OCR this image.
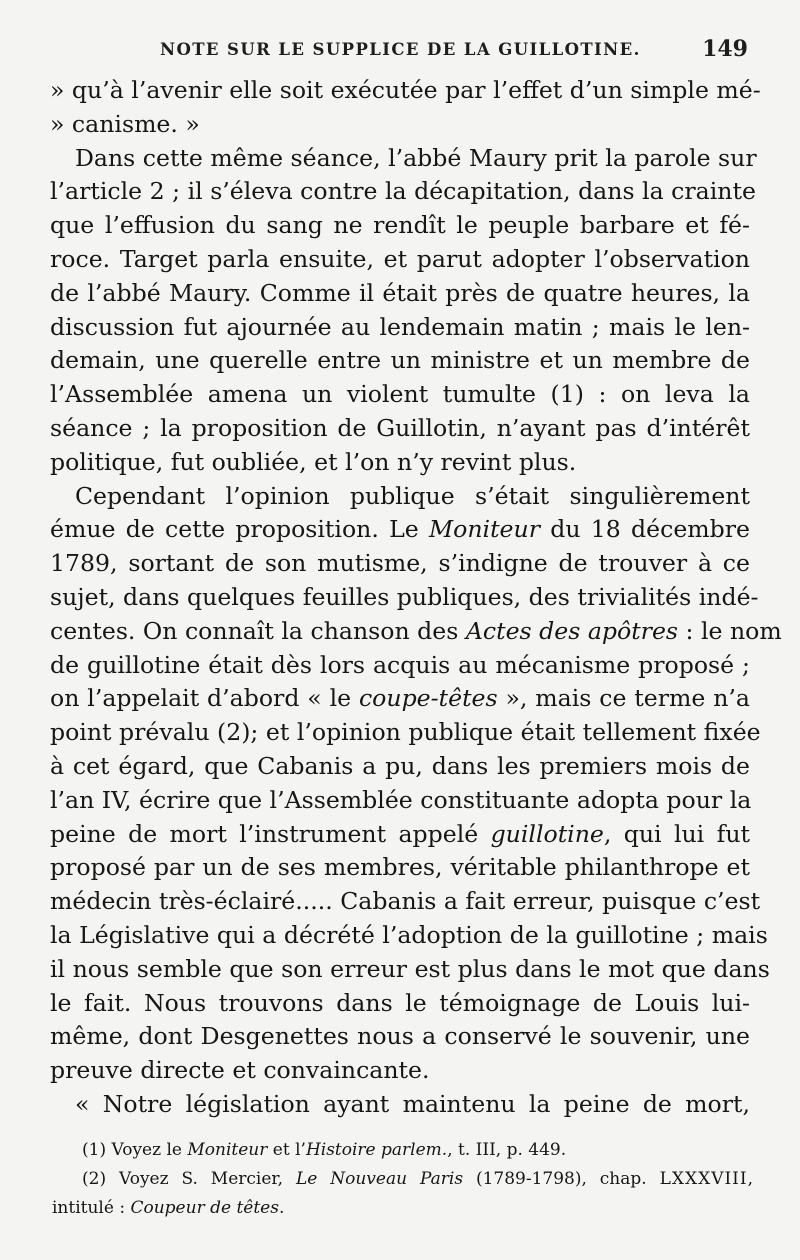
NOTE SUR LE SUPPLICE DE LA GUILLOTINE.	149
» qu’à l’avenir elle soit exécutée par l’effet d’un simple mé-
» canisme. »
Dans cette même séance, l’abbé Maury prit la parole sur
l’article 2 ; il s’éleva contre la décapitation, dans la crainte
que l’effusion du sang ne rendît le peuple barbare et fé-
roce. Target parla ensuite, et parut adopter l’observation
de l’abbé Maury. Comme il était près de quatre heures, la
discussion fut ajournée au lendemain matin ; mais le len-
demain, une querelle entre un ministre et un membre de
l’Assemblée amena un violent tumulte (1) : on leva la
séance ; la proposition de Guillotin, n’ayant pas d’intérêt
politique, fut oubliée, et l’on n’y revint plus.
Cependant l’opinion publique s’était singulièrement
émue de cette proposition. Le Moniteur du 18 décembre
1789, sortant de son mutisme, s’indigne de trouver à ce
sujet, dans quelques feuilles publiques, des trivialités indé-
centes. On connaît la chanson des Actes des apôtres : le nom
de guillotine était dès lors acquis au mécanisme proposé ;
on l’appelait d’abord « le coupe-têtes », mais ce terme n’a
point prévalu (2); et l’opinion publique était tellement fixée
à cet égard, que Cabanis a pu, dans les premiers mois de
l’an IV, écrire que l’Assemblée constituante adopta pour la
peine de mort l’instrument appelé guillotine, qui lui fut
proposé par un de ses membres, véritable philanthrope et
médecin très-éclairé..... Cabanis a fait erreur, puisque c’est
la Législative qui a décrété l’adoption de la guillotine ; mais
il nous semble que son erreur est plus dans le mot que dans
le fait. Nous trouvons dans le témoignage de Louis lui-
même, dont Desgenettes nous a conservé le souvenir, une
preuve directe et convaincante.
« Notre législation ayant maintenu la peine de mort,
(1) Voyez le Moniteur et l’Histoire parlem., t. III, p. 449.
(2) Voyez S. Mercier, Le Nouveau Paris (1789-1798), chap. LXXXVIII,
intitulé : Coupeur de têtes.
